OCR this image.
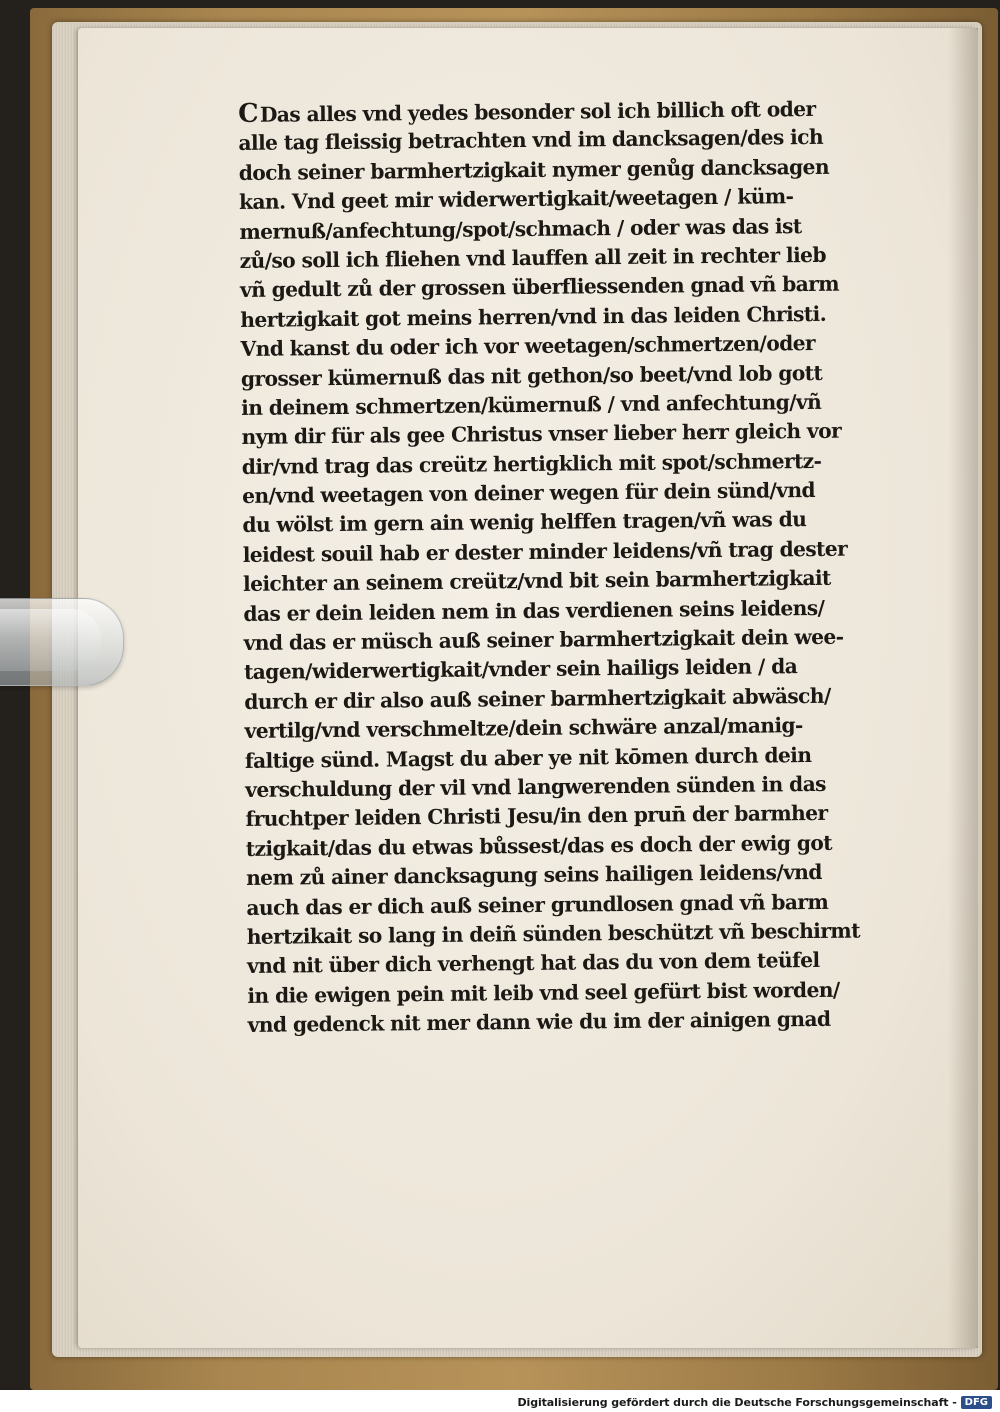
CDas alles vnd yedes besonder sol ich billich oft oder
alle tag fleissig betrachten vnd im dancksagen/des ich
doch seiner barmhertzigkait nymer genůg dancksagen
kan. Vnd geet mir widerwertigkait/weetagen / küm-
mernuß/anfechtung/spot/schmach / oder was das ist
zů/so soll ich fliehen vnd lauffen all zeit in rechter lieb
vñ gedult zů der grossen überfliessenden gnad vñ barm
hertzigkait got meins herren/vnd in das leiden Christi.
Vnd kanst du oder ich vor weetagen/schmertzen/oder
grosser kümernuß das nit gethon/so beet/vnd lob gott
in deinem schmertzen/kümernuß / vnd anfechtung/vñ
nym dir für als gee Christus vnser lieber herr gleich vor
dir/vnd trag das creütz hertigklich mit spot/schmertz-
en/vnd weetagen von deiner wegen für dein sünd/vnd
du wölst im gern ain wenig helffen tragen/vñ was du
leidest souil hab er dester minder leidens/vñ trag dester
leichter an seinem creütz/vnd bit sein barmhertzigkait
das er dein leiden nem in das verdienen seins leidens/
vnd das er müsch auß seiner barmhertzigkait dein wee-
tagen/widerwertigkait/vnder sein hailigs leiden / da
durch er dir also auß seiner barmhertzigkait abwäsch/
vertilg/vnd verschmeltze/dein schwäre anzal/manig-
faltige sünd. Magst du aber ye nit kōmen durch dein
verschuldung der vil vnd langwerenden sünden in das
fruchtper leiden Christi Jesu/in den prun̄ der barmher
tzigkait/das du etwas bůssest/das es doch der ewig got
nem zů ainer dancksagung seins hailigen leidens/vnd
auch das er dich auß seiner grundlosen gnad vñ barm
hertzikait so lang in deiñ sünden beschützt vñ beschirmt
vnd nit über dich verhengt hat das du von dem teüfel
in die ewigen pein mit leib vnd seel gefürt bist worden/
vnd gedenck nit mer dann wie du im der ainigen gnad
Digitalisierung gefördert durch die Deutsche Forschungsgemeinschaft - DFG
